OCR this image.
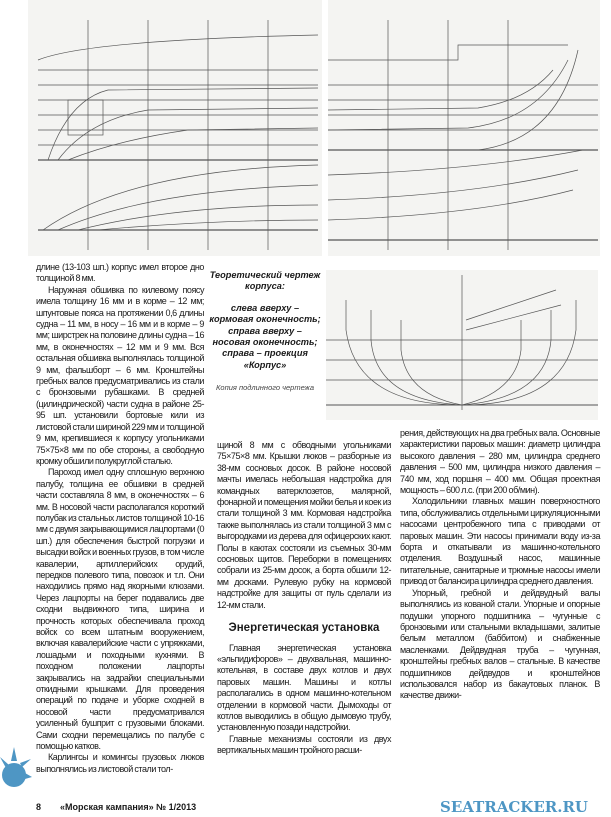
Теоретический чертеж корпуса:
слева вверху – кормовая оконечность;
справа вверху – носовая оконечность;
справа – проекция «Корпус»
Копия подлинного чертежа

длине (13-103 шп.) корпус имел второе дно толщиной 8 мм.

Наружная обшивка по килевому поясу имела толщину 16 мм и в корме – 12 мм; шпунтовые пояса на протяжении 0,6 длины судна – 11 мм, в носу – 16 мм и в корме – 9 мм; ширстрек на половине длины судна – 16 мм, в оконечностях – 12 мм и 9 мм. Вся остальная обшивка выполнялась толщиной 9 мм, фальшборт – 6 мм. Кронштейны гребных валов предусматривались из стали с бронзовыми рубашками. В средней (цилиндрической) части судна в районе 25-95 шп. установили бортовые кили из листовой стали шириной 229 мм и толщиной 9 мм, крепившиеся к корпусу угольниками 75×75×8 мм по обе стороны, а свободную кромку обшили полукруглой сталью.

Пароход имел одну сплошную верхнюю палубу, толщина ее обшивки в средней части составляла 8 мм, в оконечностях – 6 мм. В носовой части располагался короткий полубак из стальных листов толщиной 10-16 мм с двумя закрывающимися лацпортами (0 шп.) для обеспечения быстрой погрузки и высадки войск и военных грузов, в том числе кавалерии, артиллерийских орудий, передков полевого типа, повозок и т.п. Они находились прямо над якорными клюзами. Через лацпорты на берег подавались две сходни выдвижного типа, ширина и прочность которых обеспечивала проход войск со всем штатным вооружением, включая кавалерийские части с упряжками, лошадьми и походными кухнями. В походном положении лацпорты закрывались на задрайки специальными откидными крышками. Для проведения операций по подаче и уборке сходней в носовой части предусматривался усиленный бушприт с грузовыми блоками. Сами сходни перемещались по палубе с помощью катков.

Карлингсы и комингсы грузовых люков выполнялись из листовой стали тол-

щиной 8 мм с обводными угольниками 75×75×8 мм. Крышки люков – разборные из 38-мм сосновых досок. В районе носовой мачты имелась небольшая надстройка для командных ватерклозетов, малярной, фонарной и помещения мойки белья и коек из стали толщиной 3 мм. Кормовая надстройка также выполнялась из стали толщиной 3 мм с выгородками из дерева для офицерских кают. Полы в каютах состояли из съемных 30-мм сосновых щитов. Переборки в помещениях собрали из 25-мм досок, а борта обшили 12-мм досками. Рулевую рубку на кормовой надстройке для защиты от пуль сделали из 12-мм стали.

Энергетическая установка

Главная энергетическая установка «эльпидифоров» – двухвальная, машинно-котельная, в составе двух котлов и двух паровых машин. Машины и котлы располагались в одном машинно-котельном отделении в кормовой части. Дымоходы от котлов выводились в общую дымовую трубу, установленную позади надстройки.

Главные механизмы состояли из двух вертикальных машин тройного расши-

рения, действующих на два гребных вала. Основные характеристики паровых машин: диаметр цилиндра высокого давления – 280 мм, цилиндра среднего давления – 500 мм, цилиндра низкого давления – 740 мм, ход поршня – 400 мм. Общая проектная мощность – 600 л.с. (при 200 об/мин).

Холодильники главных машин поверхностного типа, обслуживались отдельными циркуляционными насосами центробежного типа с приводами от паровых машин. Эти насосы принимали воду из-за борта и откатывали из машинно-котельного отделения. Воздушный насос, машинные питательные, санитарные и трюмные насосы имели привод от балансира цилиндра среднего давления.

Упорный, гребной и дейдвудный валы выполнялись из кованой стали. Упорные и опорные подушки упорного подшипника – чугунные с бронзовыми или стальными вкладышами, залитые белым металлом (баббитом) и снабженные масленками. Дейдвудная труба – чугунная, кронштейны гребных валов – стальные. В качестве подшипников дейдвудов и кронштейнов использовался набор из бакаутовых планок. В качестве движи-

SEATRACKER.RU
8 «Морская кампания» № 1/2013
